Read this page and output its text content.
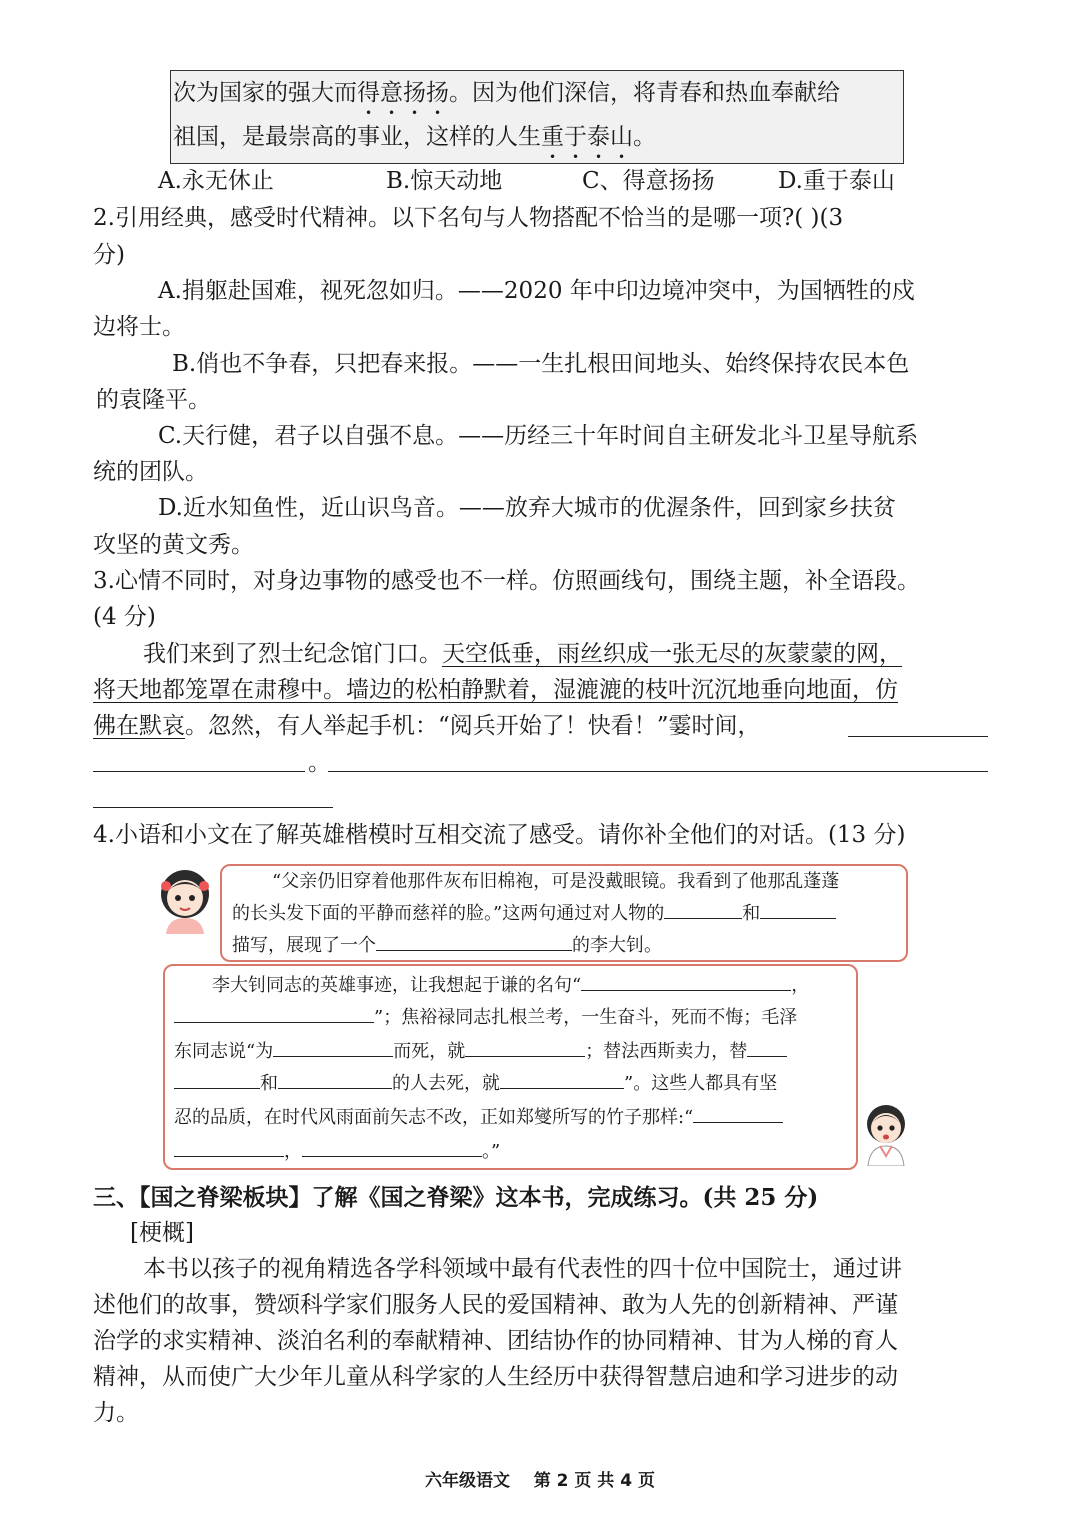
次为国家的强大而得意扬扬。因为他们深信，将青春和热血奉献给
祖国，是最崇高的事业，这样的人生重于泰山。
A.永无休止	B.惊天动地	C、得意扬扬	D.重于泰山
2.引用经典，感受时代精神。以下名句与人物搭配不恰当的是哪一项?( )(3
分)
A.捐躯赴国难，视死忽如归。——2020 年中印边境冲突中，为国牺牲的戍
边将士。
B.俏也不争春，只把春来报。——一生扎根田间地头、始终保持农民本色
的袁隆平。
C.天行健，君子以自强不息。——历经三十年时间自主研发北斗卫星导航系
统的团队。
D.近水知鱼性，近山识鸟音。——放弃大城市的优渥条件，回到家乡扶贫
攻坚的黄文秀。
3.心情不同时，对身边事物的感受也不一样。仿照画线句，围绕主题，补全语段。
(4 分)
我们来到了烈士纪念馆门口。天空低垂，雨丝织成一张无尽的灰蒙蒙的网，
将天地都笼罩在肃穆中。墙边的松柏静默着，湿漉漉的枝叶沉沉地垂向地面，仿
佛在默哀。忽然，有人举起手机：“阅兵开始了！快看！”霎时间，
。
4.小语和小文在了解英雄楷模时互相交流了感受。请你补全他们的对话。(13 分)
“父亲仍旧穿着他那件灰布旧棉袍，可是没戴眼镜。我看到了他那乱蓬蓬
的长头发下面的平静而慈祥的脸。”这两句通过对人物的	和
描写，展现了一个	的李大钊。
李大钊同志的英雄事迹，让我想起于谦的名句“	，
”；焦裕禄同志扎根兰考，一生奋斗，死而不悔；毛泽
东同志说“为	而死，就	；替法西斯卖力，替
和	的人去死，就	”。这些人都具有坚
忍的品质，在时代风雨面前矢志不改，正如郑燮所写的竹子那样:“
，	。”
三、【国之脊梁板块】了解《国之脊梁》这本书，完成练习。(共 25 分)
[梗概]
本书以孩子的视角精选各学科领域中最有代表性的四十位中国院士，通过讲
述他们的故事，赞颂科学家们服务人民的爱国精神、敢为人先的创新精神、严谨
治学的求实精神、淡泊名利的奉献精神、团结协作的协同精神、甘为人梯的育人
精神，从而使广大少年儿童从科学家的人生经历中获得智慧启迪和学习进步的动
力。
六年级语文    第 2 页 共 4 页
